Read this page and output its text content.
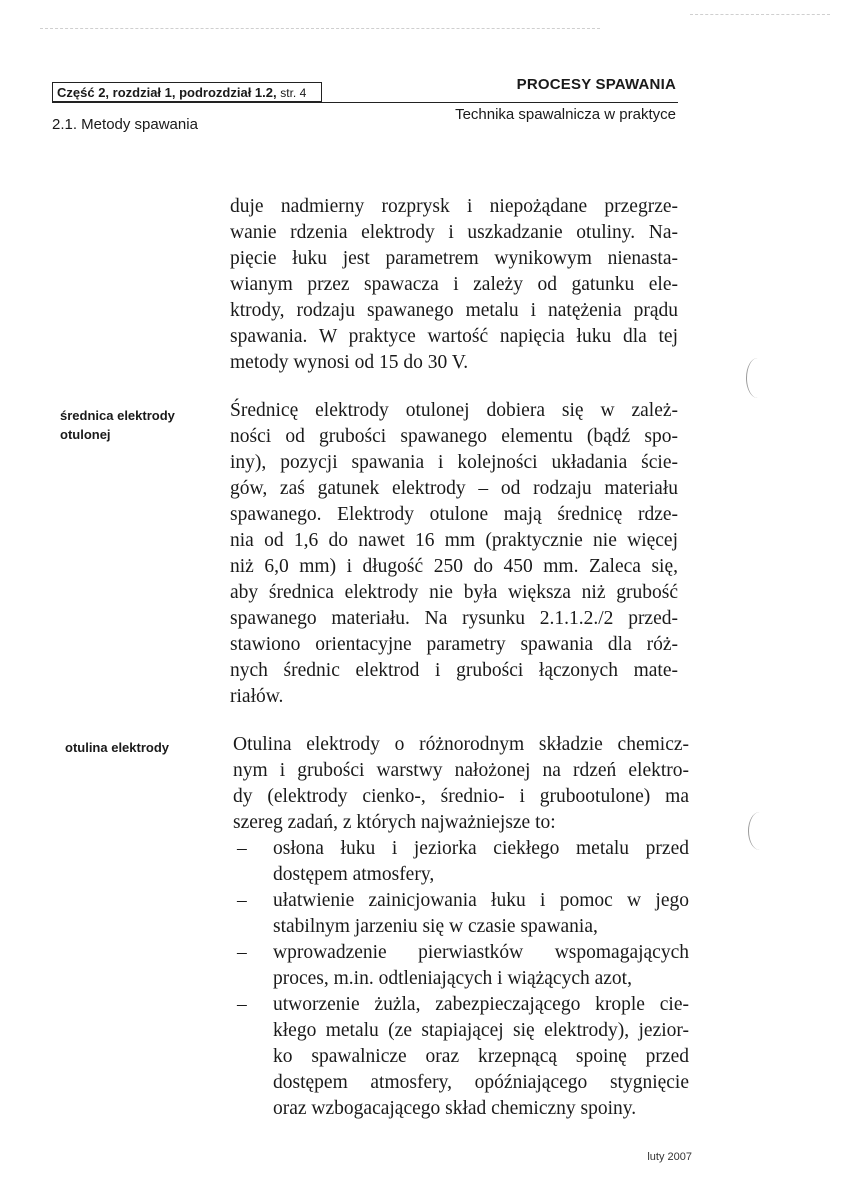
Część 2, rozdział 1, podrozdział 1.2, str. 4	PROCESY SPAWANIA
2.1. Metody spawania
Technika spawalnicza w praktyce
średnica elektrody
otulonej
otulina elektrody
duje nadmierny rozprysk i niepożądane przegrze-
wanie rdzenia elektrody i uszkadzanie otuliny. Na-
pięcie łuku jest parametrem wynikowym nienasta-
wianym przez spawacza i zależy od gatunku ele-
ktrody, rodzaju spawanego metalu i natężenia prądu
spawania. W praktyce wartość napięcia łuku dla tej
metody wynosi od 15 do 30 V.
Średnicę elektrody otulonej dobiera się w zależ-
ności od grubości spawanego elementu (bądź spo-
iny), pozycji spawania i kolejności układania ście-
gów, zaś gatunek elektrody – od rodzaju materiału
spawanego. Elektrody otulone mają średnicę rdze-
nia od 1,6 do nawet 16 mm (praktycznie nie więcej
niż 6,0 mm) i długość 250 do 450 mm. Zaleca się,
aby średnica elektrody nie była większa niż grubość
spawanego materiału. Na rysunku 2.1.1.2./2 przed-
stawiono orientacyjne parametry spawania dla róż-
nych średnic elektrod i grubości łączonych mate-
riałów.
Otulina elektrody o różnorodnym składzie chemicz-
nym i grubości warstwy nałożonej na rdzeń elektro-
dy (elektrody cienko-, średnio- i grubootulone) ma
szereg zadań, z których najważniejsze to:
– osłona łuku i jeziorka ciekłego metalu przed
dostępem atmosfery,
– ułatwienie zainicjowania łuku i pomoc w jego
stabilnym jarzeniu się w czasie spawania,
– wprowadzenie pierwiastków wspomagających
proces, m.in. odtleniających i wiążących azot,
– utworzenie żużla, zabezpieczającego krople cie-
kłego metalu (ze stapiającej się elektrody), jezior-
ko spawalnicze oraz krzepnącą spoinę przed
dostępem atmosfery, opóźniającego stygnięcie
oraz wzbogacającego skład chemiczny spoiny.
luty 2007
